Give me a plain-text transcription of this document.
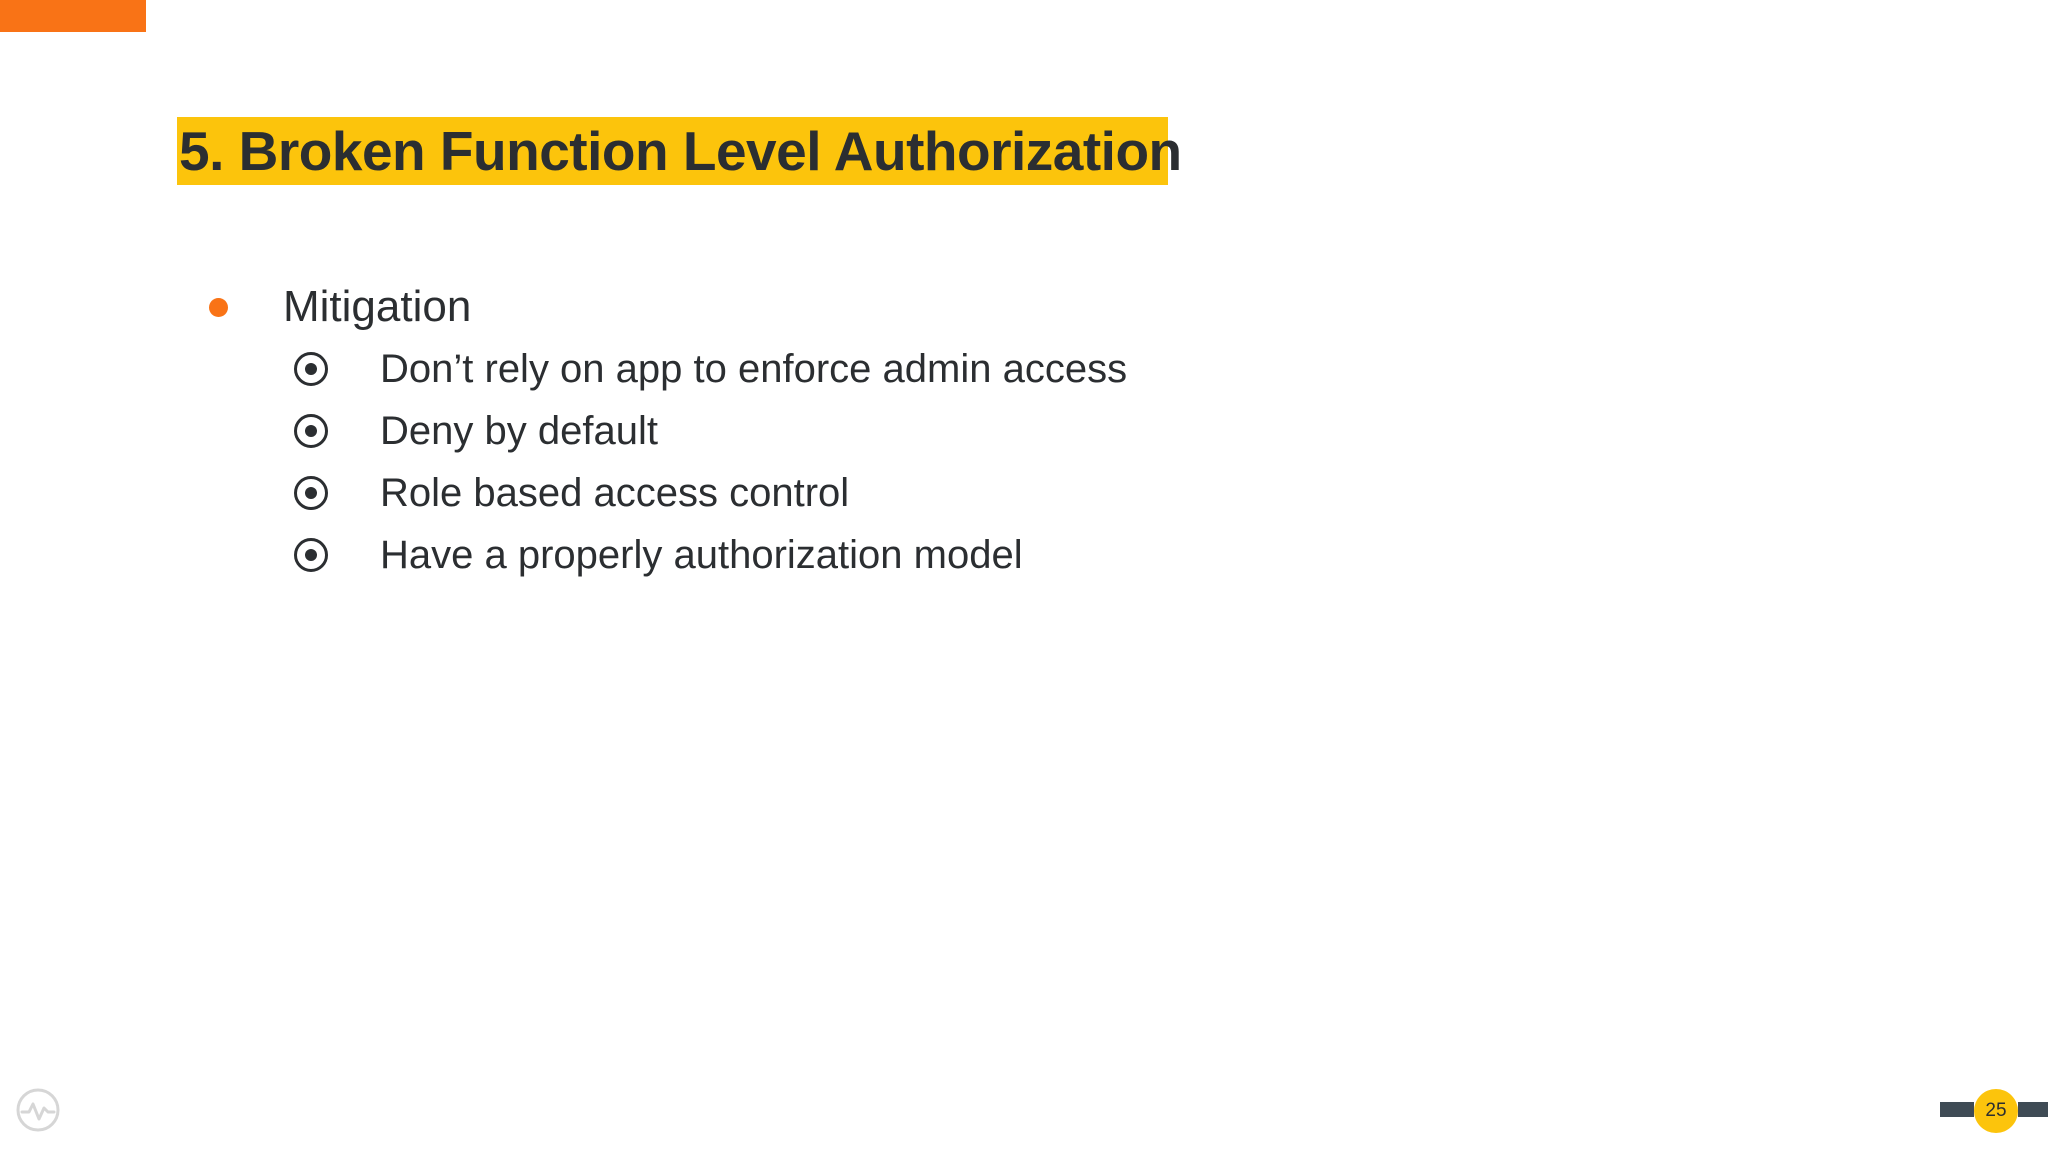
5. Broken Function Level Authorization
Mitigation
Don’t rely on app to enforce admin access
Deny by default
Role based access control
Have a properly authorization model
25
